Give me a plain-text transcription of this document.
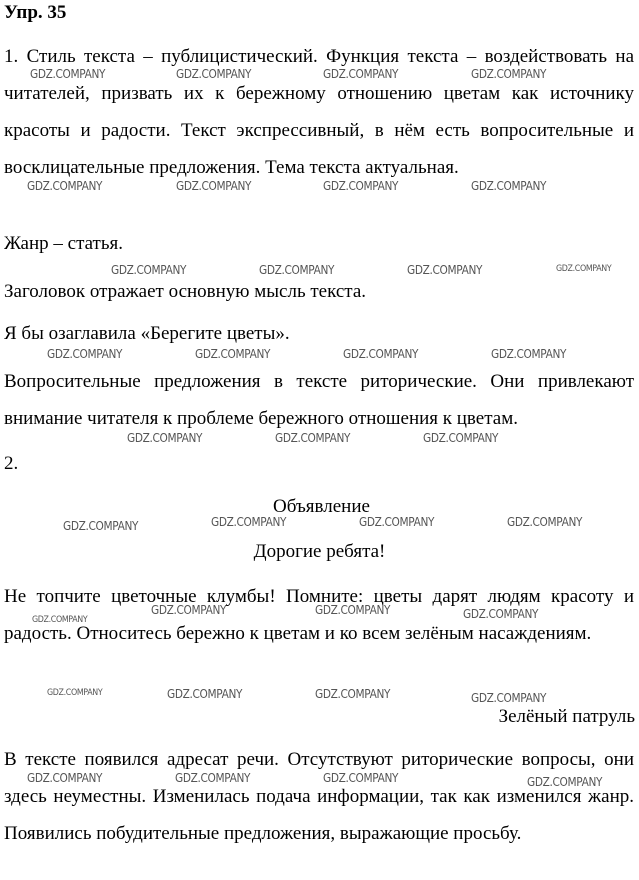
Упр. 35
1. Стиль текста – публицистический. Функция текста – воздействовать на читателей, призвать их к бережному отношению цветам как источнику красоты и радости. Текст экспрессивный, в нём есть вопросительные и восклицательные предложения. Тема текста актуальная.
Жанр – статья.
Заголовок отражает основную мысль текста.
Я бы озаглавила «Берегите цветы».
Вопросительные предложения в тексте риторические. Они привлекают внимание читателя к проблеме бережного отношения к цветам.
2.
Объявление
Дорогие ребята!
Не топчите цветочные клумбы! Помните: цветы дарят людям красоту и радость. Относитесь бережно к цветам и ко всем зелёным насаждениям.
Зелёный патруль
В тексте появился адресат речи. Отсутствуют риторические вопросы, они здесь неуместны. Изменилась подача информации, так как изменился жанр. Появились побудительные предложения, выражающие просьбу.
GDZ.COMPANY	GDZ.COMPANY	GDZ.COMPANY	GDZ.COMPANY
GDZ.COMPANY	GDZ.COMPANY	GDZ.COMPANY	GDZ.COMPANY
GDZ.COMPANY	GDZ.COMPANY	GDZ.COMPANY	GDZ.COMPANY
GDZ.COMPANY	GDZ.COMPANY	GDZ.COMPANY	GDZ.COMPANY
GDZ.COMPANY	GDZ.COMPANY	GDZ.COMPANY
GDZ.COMPANY	GDZ.COMPANY	GDZ.COMPANY	GDZ.COMPANY
GDZ.COMPANY
GDZ.COMPANY	GDZ.COMPANY	GDZ.COMPANY
GDZ.COMPANY	GDZ.COMPANY	GDZ.COMPANY	GDZ.COMPANY
GDZ.COMPANY	GDZ.COMPANY	GDZ.COMPANY	GDZ.COMPANY
